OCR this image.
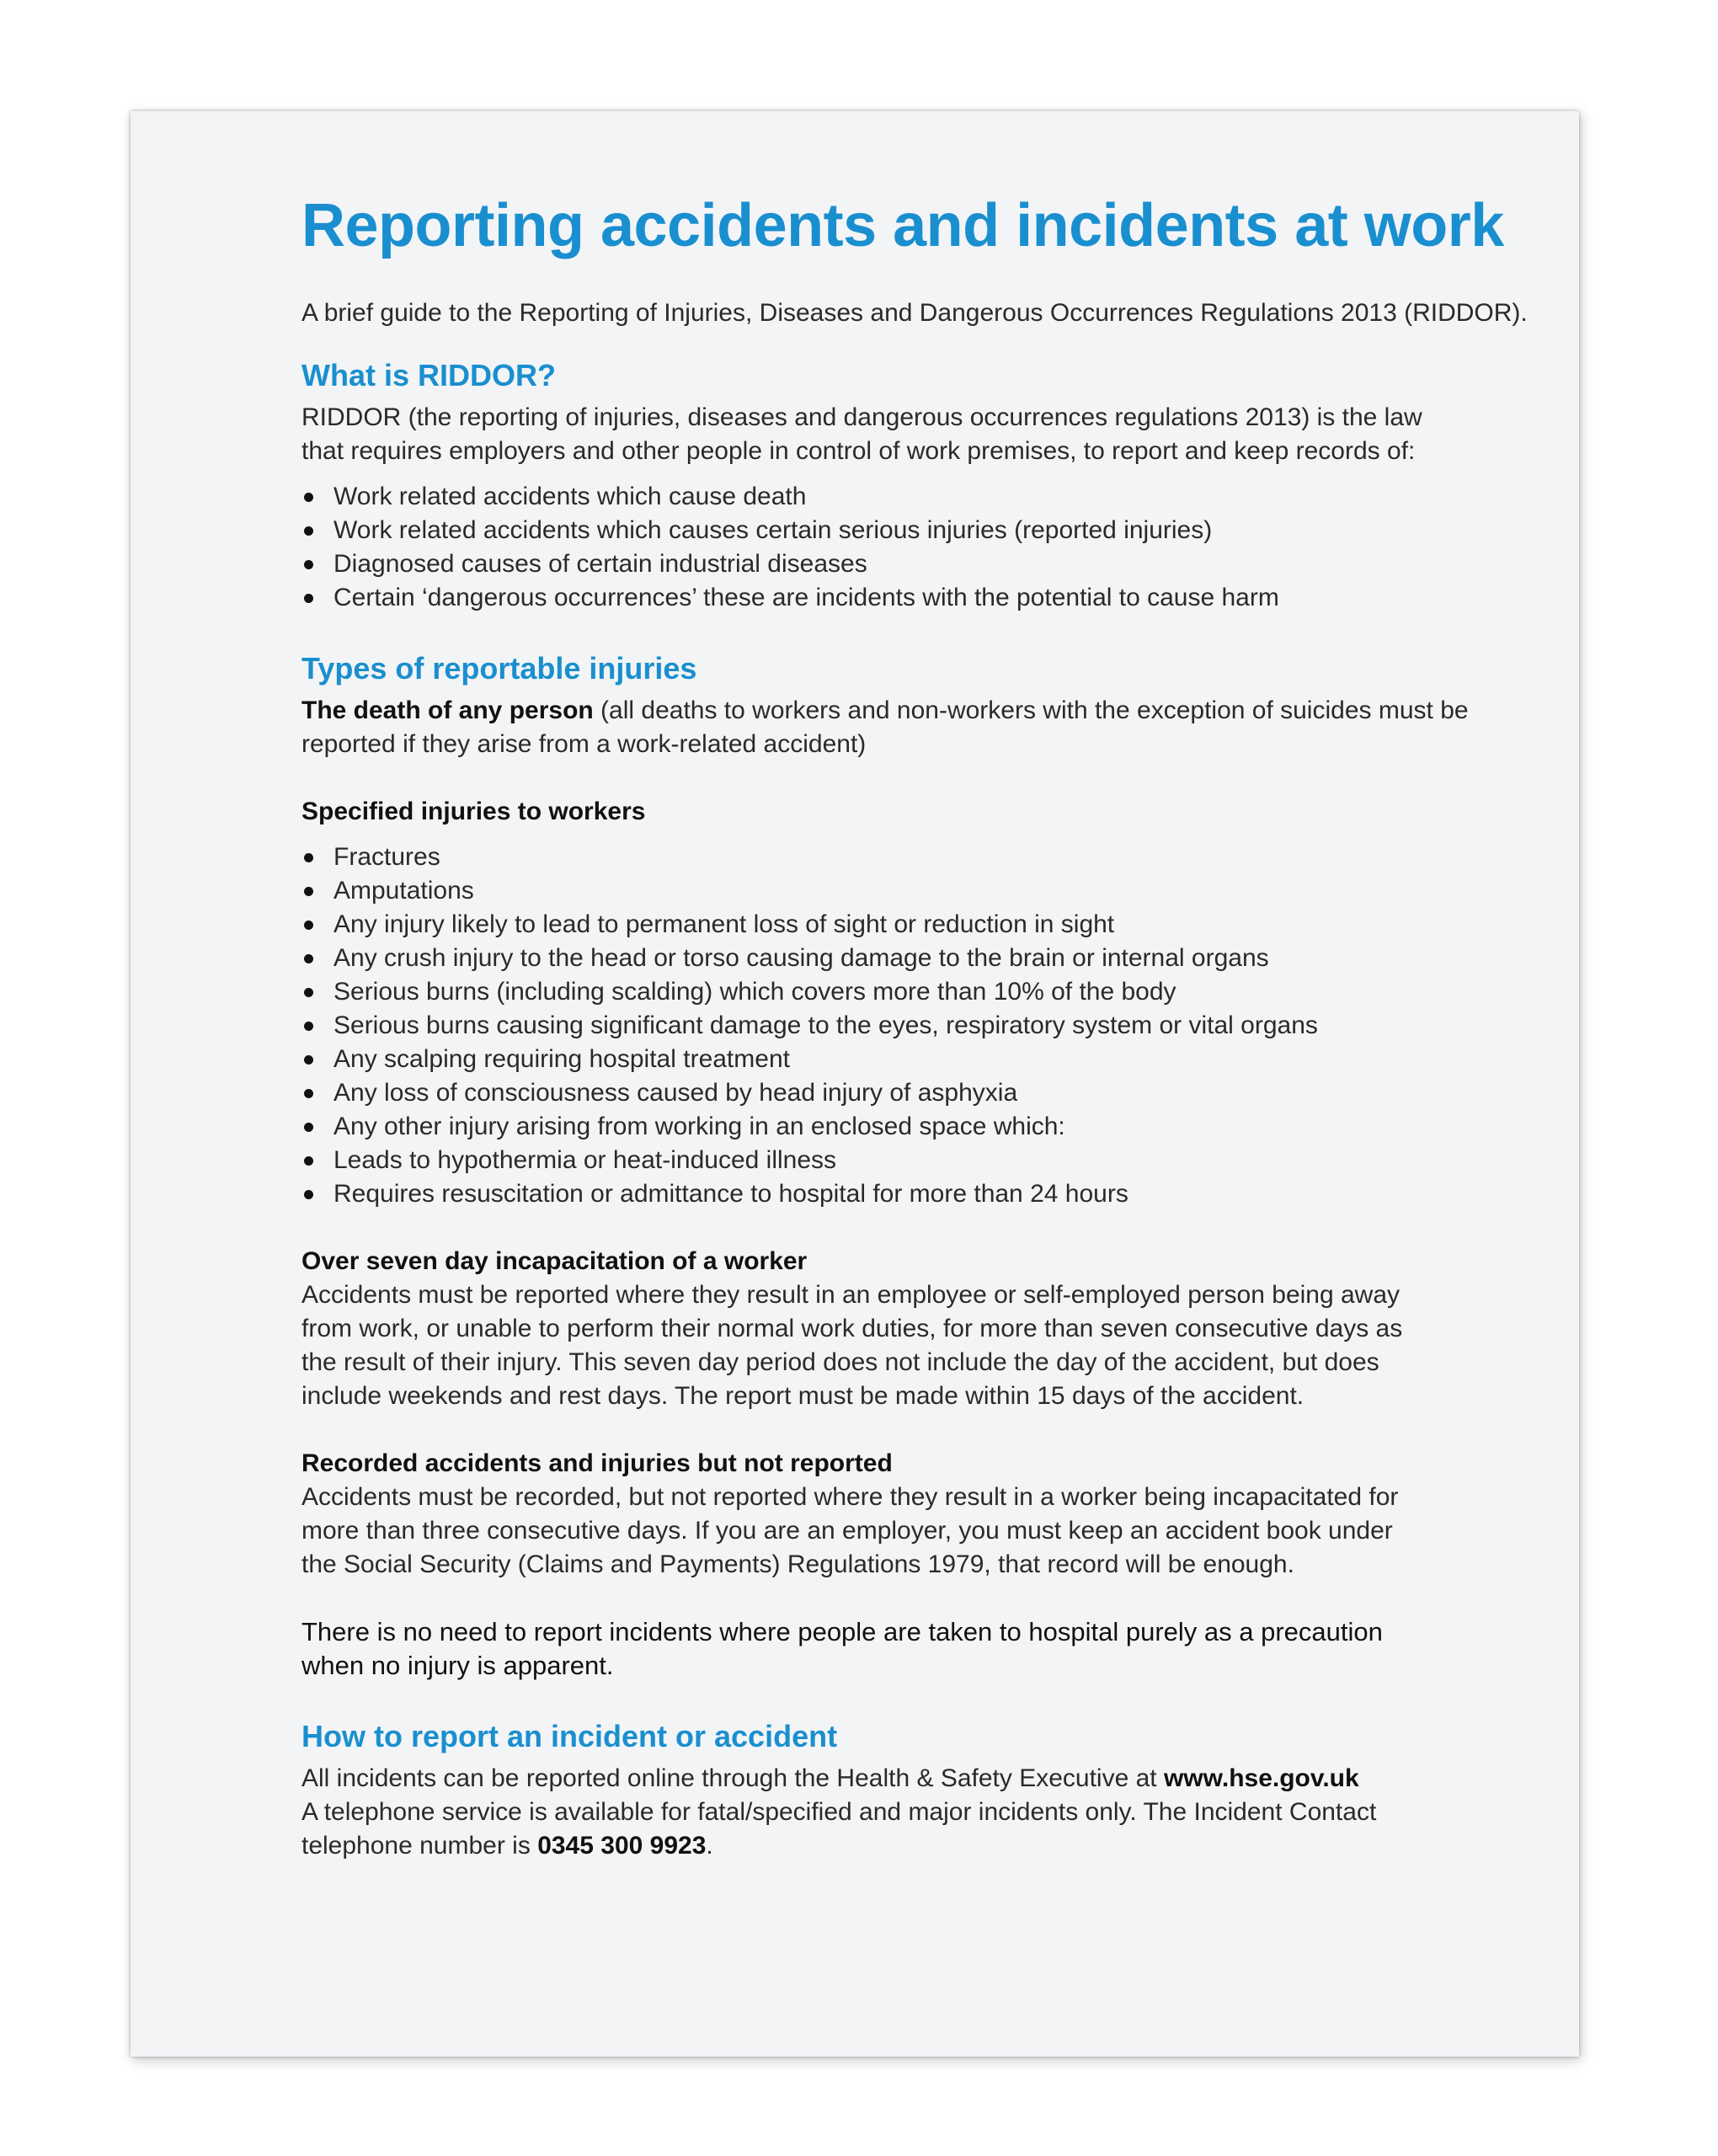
Reporting accidents and incidents at work

A brief guide to the Reporting of Injuries, Diseases and Dangerous Occurrences Regulations 2013 (RIDDOR).

What is RIDDOR?

RIDDOR (the reporting of injuries, diseases and dangerous occurrences regulations 2013) is the law that requires employers and other people in control of work premises, to report and keep records of:

Work related accidents which cause death
Work related accidents which causes certain serious injuries (reported injuries)
Diagnosed causes of certain industrial diseases
Certain ‘dangerous occurrences’ these are incidents with the potential to cause harm
Types of reportable injuries

The death of any person (all deaths to workers and non-workers with the exception of suicides must be reported if they arise from a work-related accident)

Specified injuries to workers
Fractures
Amputations
Any injury likely to lead to permanent loss of sight or reduction in sight
Any crush injury to the head or torso causing damage to the brain or internal organs
Serious burns (including scalding) which covers more than 10% of the body
Serious burns causing significant damage to the eyes, respiratory system or vital organs
Any scalping requiring hospital treatment
Any loss of consciousness caused by head injury of asphyxia
Any other injury arising from working in an enclosed space which:
Leads to hypothermia or heat-induced illness
Requires resuscitation or admittance to hospital for more than 24 hours
Over seven day incapacitation of a worker

Accidents must be reported where they result in an employee or self-employed person being away from work, or unable to perform their normal work duties, for more than seven consecutive days as the result of their injury. This seven day period does not include the day of the accident, but does include weekends and rest days. The report must be made within 15 days of the accident.

Recorded accidents and injuries but not reported

Accidents must be recorded, but not reported where they result in a worker being incapacitated for more than three consecutive days. If you are an employer, you must keep an accident book under the Social Security (Claims and Payments) Regulations 1979, that record will be enough.

There is no need to report incidents where people are taken to hospital purely as a precaution when no injury is apparent.

How to report an incident or accident

All incidents can be reported online through the Health & Safety Executive at www.hse.gov.uk
A telephone service is available for fatal/specified and major incidents only. The Incident Contact telephone number is 0345 300 9923.
